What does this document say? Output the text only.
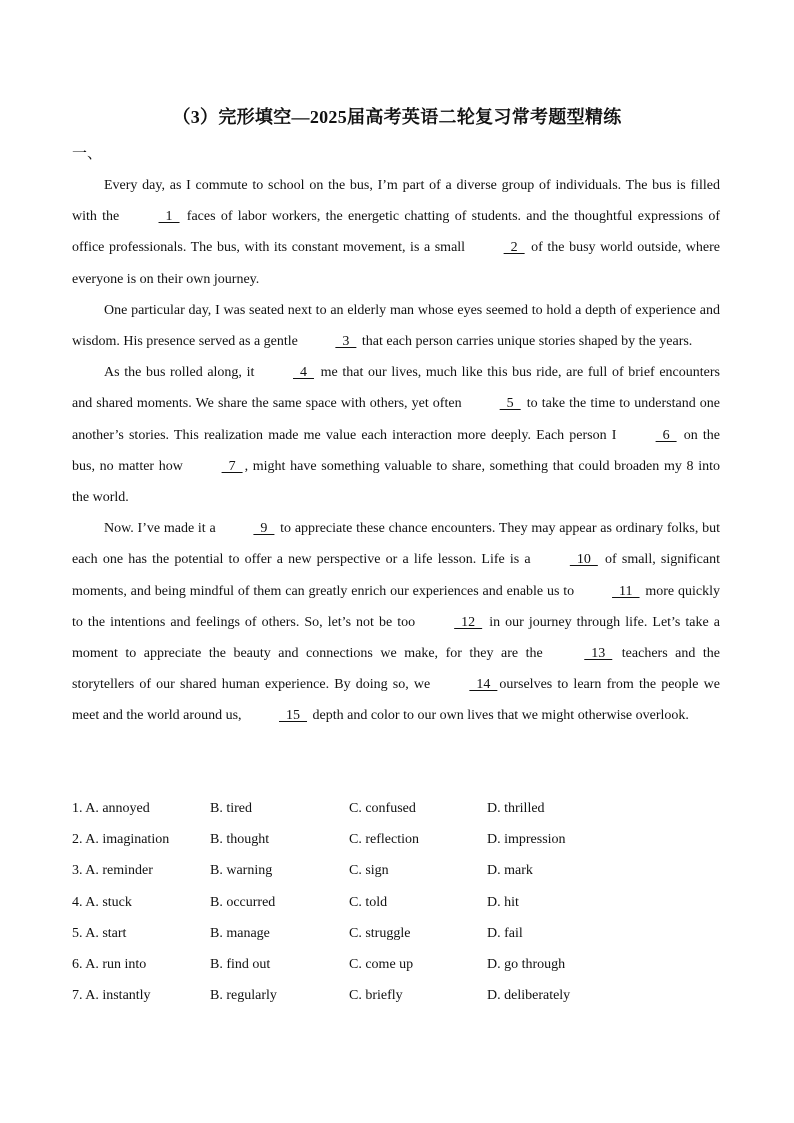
（3）完形填空—2025届高考英语二轮复习常考题型精练
一、

Every day, as I commute to school on the bus, I’m part of a diverse group of individuals. The bus is filled with the   1   faces of labor workers, the energetic chatting of students. and the thoughtful expressions of office professionals. The bus, with its constant movement, is a small   2   of the busy world outside, where everyone is on their own journey.

One particular day, I was seated next to an elderly man whose eyes seemed to hold a depth of experience and wisdom. His presence served as a gentle   3   that each person carries unique stories shaped by the years.

As the bus rolled along, it   4   me that our lives, much like this bus ride, are full of brief encounters and shared moments. We share the same space with others, yet often   5   to take the time to understand one another’s stories. This realization made me value each interaction more deeply. Each person I   6   on the bus, no matter how   7  , might have something valuable to share, something that could broaden my 8 into the world.

Now. I’ve made it a   9   to appreciate these chance encounters. They may appear as ordinary folks, but each one has the potential to offer a new perspective or a life lesson. Life is a   10   of small, significant moments, and being mindful of them can greatly enrich our experiences and enable us to   11   more quickly to the intentions and feelings of others. So, let’s not be too   12   in our journey through life. Let’s take a moment to appreciate the beauty and connections we make, for they are the   13   teachers and the storytellers of our shared human experience. By doing so, we   14  ourselves to learn from the people we meet and the world around us,   15   depth and color to our own lives that we might otherwise overlook.

1. A. annoyed	B. tired	C. confused	D. thrilled
2. A. imagination	B. thought	C. reflection	D. impression
3. A. reminder	B. warning	C. sign	D. mark
4. A. stuck	B. occurred	C. told	D. hit
5. A. start	B. manage	C. struggle	D. fail
6. A. run into	B. find out	C. come up	D. go through
7. A. instantly	B. regularly	C. briefly	D. deliberately
